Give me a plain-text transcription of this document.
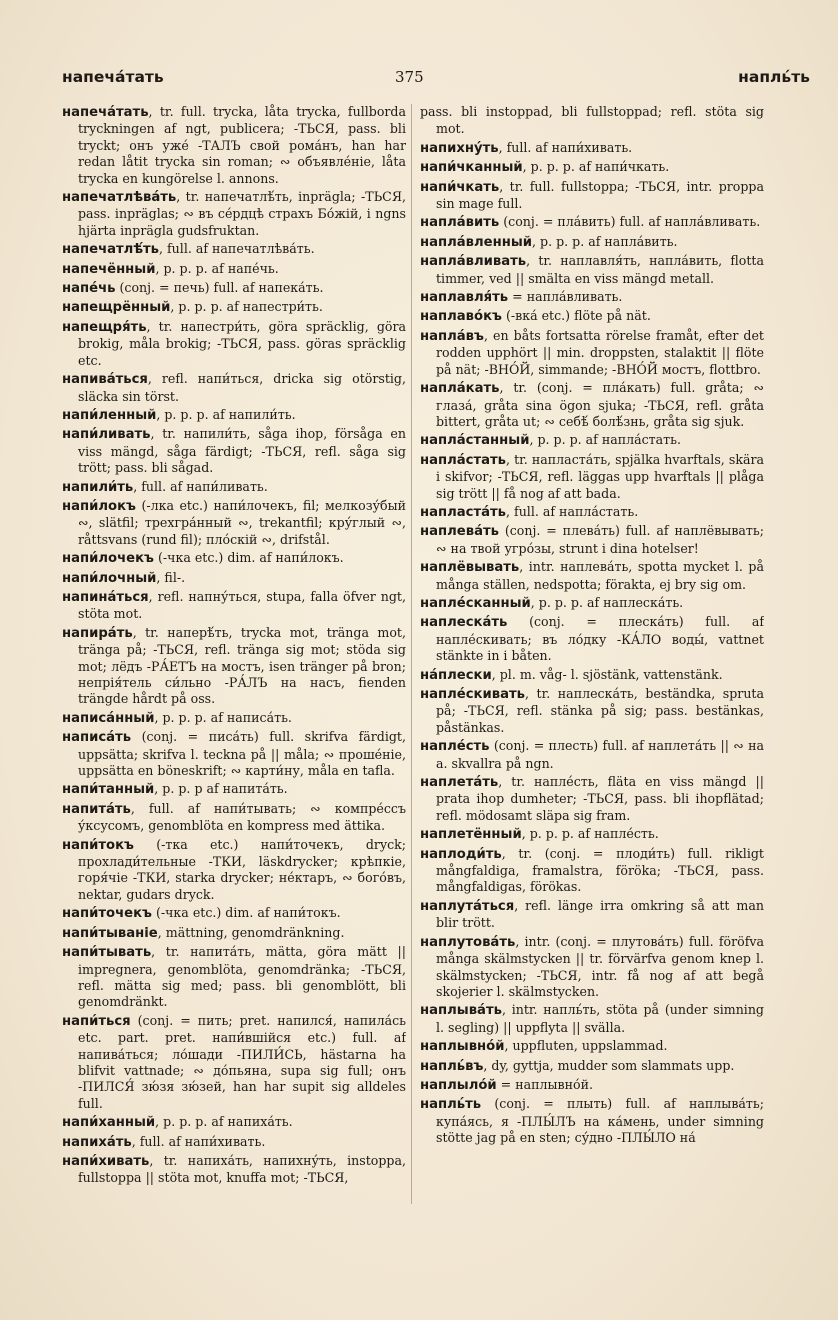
напеча́тать	375	напль́ть

напеча́тать, tr. full. trycka, låta trycka, fullborda tryckningen af ngt, publicera; -ТЬСЯ, pass. bli tryckt; онъ уже́ -ТАЛЪ свой рома́нъ, han har redan låtit trycka sin roman; ∾ объявле́ніе, låta trycka en kungörelse l. annons.

напечатлѣва́ть, tr. напечатлѣ́ть, inpräglа; -ТЬСЯ, pass. inpräglas; ∾ въ се́рдцѣ страхъ Бо́жій, i ngns hjärta inprägla gudsfruktan.

напечатлѣ́ть, full. af напечатлѣва́ть.

напечённый, p. p. p. af напе́чь.

напе́чь (conj. = печь) full. af напека́ть.

напещрённый, p. p. p. af напестри́ть.

напещря́ть, tr. напестри́ть, göra spräcklig, göra brokig, måla brokig; -ТЬСЯ, pass. göras spräcklig etc.

напива́ться, refl. напи́ться, dricka sig otörstig, släcka sin törst.

напи́ленный, p. p. p. af напили́ть.

напи́ливать, tr. напили́ть, såga ihop, försåga en viss mängd, såga färdigt; -ТЬСЯ, refl. såga sig trött; pass. bli sågad.

напили́ть, full. af напи́ливать.

напи́локъ (-лка etc.) напи́лочекъ, fil; мелкозу́бый ∾, slätfil; трехгра́нный ∾, trekantfil; кру́глый ∾, råttsvans (rund fil); пло́скій ∾, drifstål.

напи́лочекъ (-чка etc.) dim. af напи́локъ.

напи́лочный, fil-.

напина́ться, refl. напну́ться, stupa, falla öfver ngt, stöta mot.

напира́ть, tr. наперѣ́ть, trycka mot, tränga mot, tränga på; -ТЬСЯ, refl. tränga sig mot; stöda sig mot; лёдъ -РА́ЕТЪ на мостъ, isen tränger på bron; непрія́тель си́льно -РА́ЛЪ на насъ, fienden trängde hårdt på oss.

написа́нный, p. p. p. af написа́ть.

написа́ть (conj. = писа́ть) full. skrifva färdigt, uppsätta; skrifva l. teckna på || måla; ∾ проше́ніе, uppsätta en böneskrift; ∾ карти́ну, måla en tafla.

напи́танный, p. p. p af напита́ть.

напита́ть, full. af напи́тывать; ∾ компре́ссъ у́ксусомъ, genomblöta en kompress med ättika.

напи́токъ (-тка etc.) напи́точекъ, dryck; прохлади́тельные -ТКИ, läskdrycker; крѣпкіе, горя́чіе -ТКИ, starka drycker; не́ктаръ, ∾ бого́въ, nektar, gudars dryck.

напи́точекъ (-чка etc.) dim. af напи́токъ.

напи́тываніе, mättning, genomdränkning.

напи́тывать, tr. напита́ть, mätta, göra mätt || impregnera, genomblöta, genomdränka; -ТЬСЯ, refl. mätta sig med; pass. bli genomblött, bli genomdränkt.

напи́ться (conj. = пить; pret. напился́, напила́сь etc. part. pret. напи́вшійся etc.) full. af напива́ться; ло́шади -ПИЛИ́СЬ, hästarna ha blifvit vattnade; ∾ до́пьяна, supa sig full; онъ -ПИЛСЯ́ зю́зя зю́зей, han har supit sig alldeles full.

напи́ханный, p. p. p. af напиха́ть.

напиха́ть, full. af напи́хивать.

напи́хивать, tr. напиха́ть, напихну́ть, instoppa, fullstoppa || stöta mot, knuffa mot; -ТЬСЯ,

pass. bli instoppad, bli fullstoppad; refl. stöta sig mot.

напихну́ть, full. af напи́хивать.

напи́чканный, p. p. p. af напи́чкать.

напи́чкать, tr. full. fullstoppa; -ТЬСЯ, intr. proppa sin mage full.

напла́вить (conj. = пла́вить) full. af напла́вливать.

напла́вленный, p. p. p. af напла́вить.

напла́вливать, tr. наплавля́ть, напла́вить, flotta timmer, ved || smälta en viss mängd metall.

наплавля́ть = напла́вливать.

наплаво́къ (-вка́ etc.) flöte på nät.

напла́въ, en båts fortsatta rörelse framåt, efter det rodden upphört || min. droppsten, stalaktit || flöte på nät; -ВНО́Й, simmande; -ВНО́Й мостъ, flottbro.

напла́кать, tr. (conj. = пла́кать) full. gråta; ∾ глаза́, gråta sina ögon sjuka; -ТЬСЯ, refl. gråta bittert, gråta ut; ∾ себѣ́ болѣ́знь, gråta sig sjuk.

напла́станный, p. p. p. af напла́стать.

напла́стать, tr. напласта́ть, spjälka hvarftals, skära i skifvor; -ТЬСЯ, refl. läggas upp hvarftals || plåga sig trött || få nog af att bada.

напласта́ть, full. af напла́стать.

наплева́ть (conj. = плева́ть) full. af наплёвывать; ∾ на твой угро́зы, strunt i dina hotelser!

наплёвывать, intr. наплева́ть, spotta mycket l. på många ställen, nedspotta; förakta, ej bry sig om.

напле́сканный, p. p. p. af наплеска́ть.

наплеска́ть (conj. = плеска́ть) full. af напле́скивать; въ ло́дку -КА́ЛО воды́, vattnet stänkte in i båten.

на́плески, pl. m. våg- l. sjöstänk, vattenstänk.

напле́скивать, tr. наплеска́ть, beständka, spruta på; -ТЬСЯ, refl. stänka på sig; pass. bestänkas, påstänkas.

напле́сть (conj. = плесть) full. af наплета́ть || ∾ на a. skvallra på ngn.

наплета́ть, tr. напле́сть, fläta en viss mängd || prata ihop dumheter; -ТЬСЯ, pass. bli ihopflätad; refl. mödosamt släpa sig fram.

наплетённый, p. p. p. af напле́сть.

наплоди́ть, tr. (conj. = плоди́ть) full. rikligt mångfaldiga, framalstra, föröka; -ТЬСЯ, pass. mångfaldigas, förökas.

наплута́ться, refl. länge irra omkring så att man blir trött.

наплутова́ть, intr. (conj. = плутова́ть) full. föröfva många skälmstycken || tr. förvärfva genom knep l. skälmstycken; -ТЬСЯ, intr. få nog af att begå skojerier l. skälmstycken.

наплыва́ть, intr. напль́ть, stöta på (under simning l. segling) || uppflyta || svälla.

наплывно́й, uppfluten, uppslammad.

напль́въ, dy, gyttja, mudder som slammats upp.

наплыло́й = наплывно́й.

напль́ть (conj. = плыть) full. af наплыва́ть; купа́ясь, я -ПЛЫ́ЛЪ на ка́мень, under simning stötte jag på en sten; су́дно -ПЛЫ́ЛО на́
